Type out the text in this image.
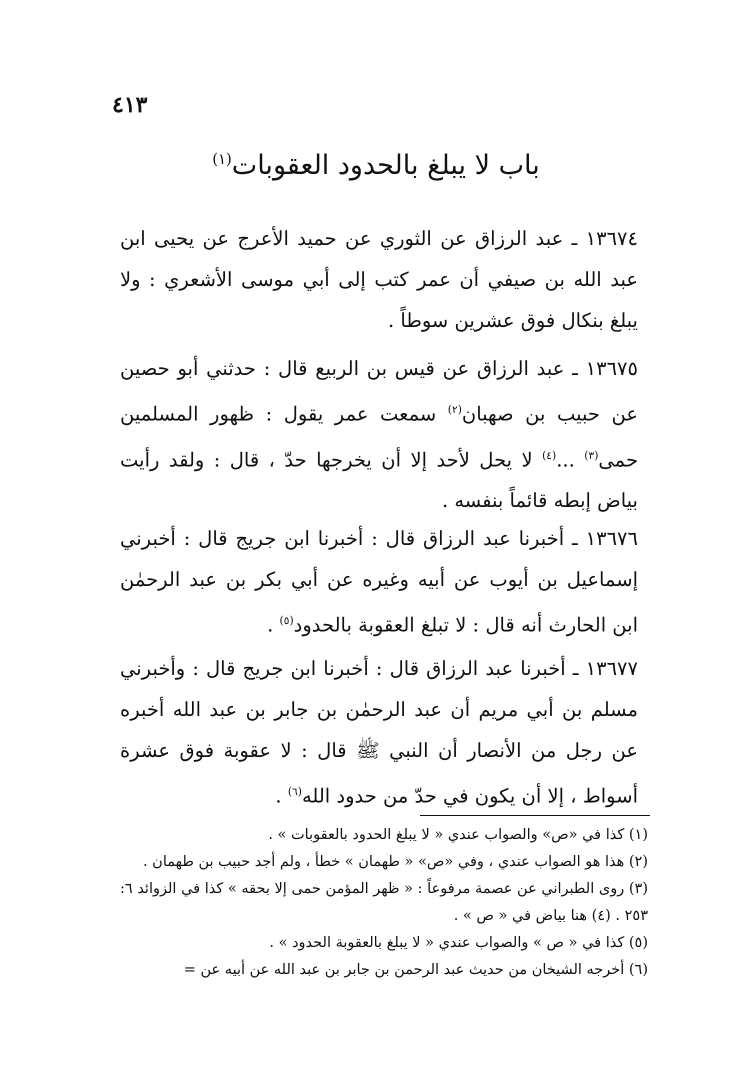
٤١٣
باب لا يبلغ بالحدود العقوبات$^{(١)}$
١٣٦٧٤ ـ عبد الرزاق عن الثوري عن حميد الأعرج عن يحيى ابن عبد الله بن صيفي أن عمر كتب إلى أبي موسى الأشعري : ولا يبلغ بنكال فوق عشرين سوطاً .
١٣٦٧٥ ـ عبد الرزاق عن قيس بن الربيع قال : حدثني أبو حصين عن حبيب بن صهبان$^{(٢)}$ سمعت عمر يقول : ظهور المسلمين حمى$^{(٣)}$ ...$^{(٤)}$ لا يحل لأحد إلا أن يخرجها حدّ ، قال : ولقد رأيت بياض إبطه قائماً بنفسه .
١٣٦٧٦ ـ أخبرنا عبد الرزاق قال : أخبرنا ابن جريج قال : أخبرني إسماعيل بن أيوب عن أبيه وغيره عن أبي بكر بن عبد الرحمٰن ابن الحارث أنه قال : لا تبلغ العقوبة بالحدود$^{(٥)}$ .
١٣٦٧٧ ـ أخبرنا عبد الرزاق قال : أخبرنا ابن جريج قال : وأخبرني مسلم بن أبي مريم أن عبد الرحمٰن بن جابر بن عبد الله أخبره عن رجل من الأنصار أن النبي ﷺ قال : لا عقوبة فوق عشرة أسواط ، إلا أن يكون في حدّ من حدود الله$^{(٦)}$ .
(١) كذا في «ص» والصواب عندي « لا يبلغ الحدود بالعقوبات » .
(٢) هذا هو الصواب عندي ، وفي «ص» « طهمان » خطأ ، ولم أجد حبيب بن طهمان .
(٣) روى الطبراني عن عصمة مرفوعاً : « ظهر المؤمن حمى إلا بحقه » كذا في الزوائد ٦: ٢٥٣ . (٤) هنا بياض في « ص » .
(٥) كذا في « ص » والصواب عندي « لا يبلغ بالعقوبة الحدود » .
(٦) أخرجه الشيخان من حديث عبد الرحمن بن جابر بن عبد الله عن أبيه عن =
